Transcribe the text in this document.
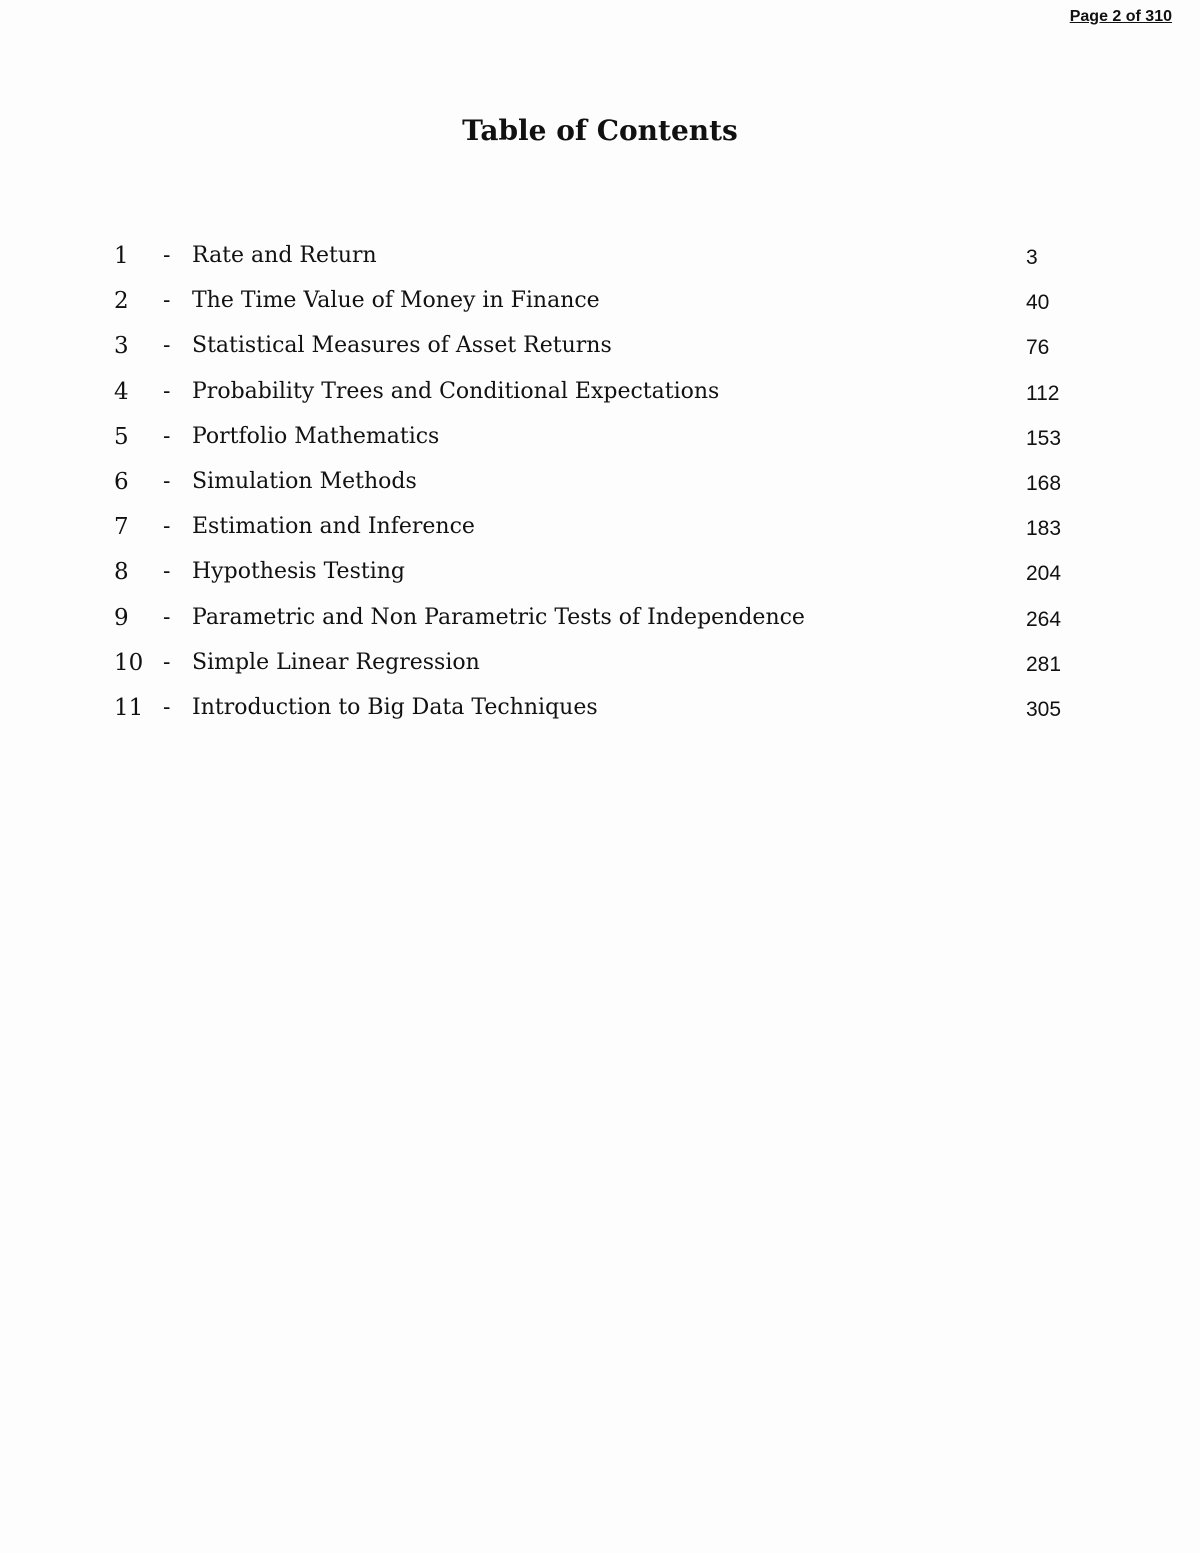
Page 2 of 310
Table of Contents
1 - Rate and Return	3
2 - The Time Value of Money in Finance	40
3 - Statistical Measures of Asset Returns	76
4 - Probability Trees and Conditional Expectations	112
5 - Portfolio Mathematics	153
6 - Simulation Methods	168
7 - Estimation and Inference	183
8 - Hypothesis Testing	204
9 - Parametric and Non Parametric Tests of Independence	264
10 - Simple Linear Regression	281
11 - Introduction to Big Data Techniques	305
